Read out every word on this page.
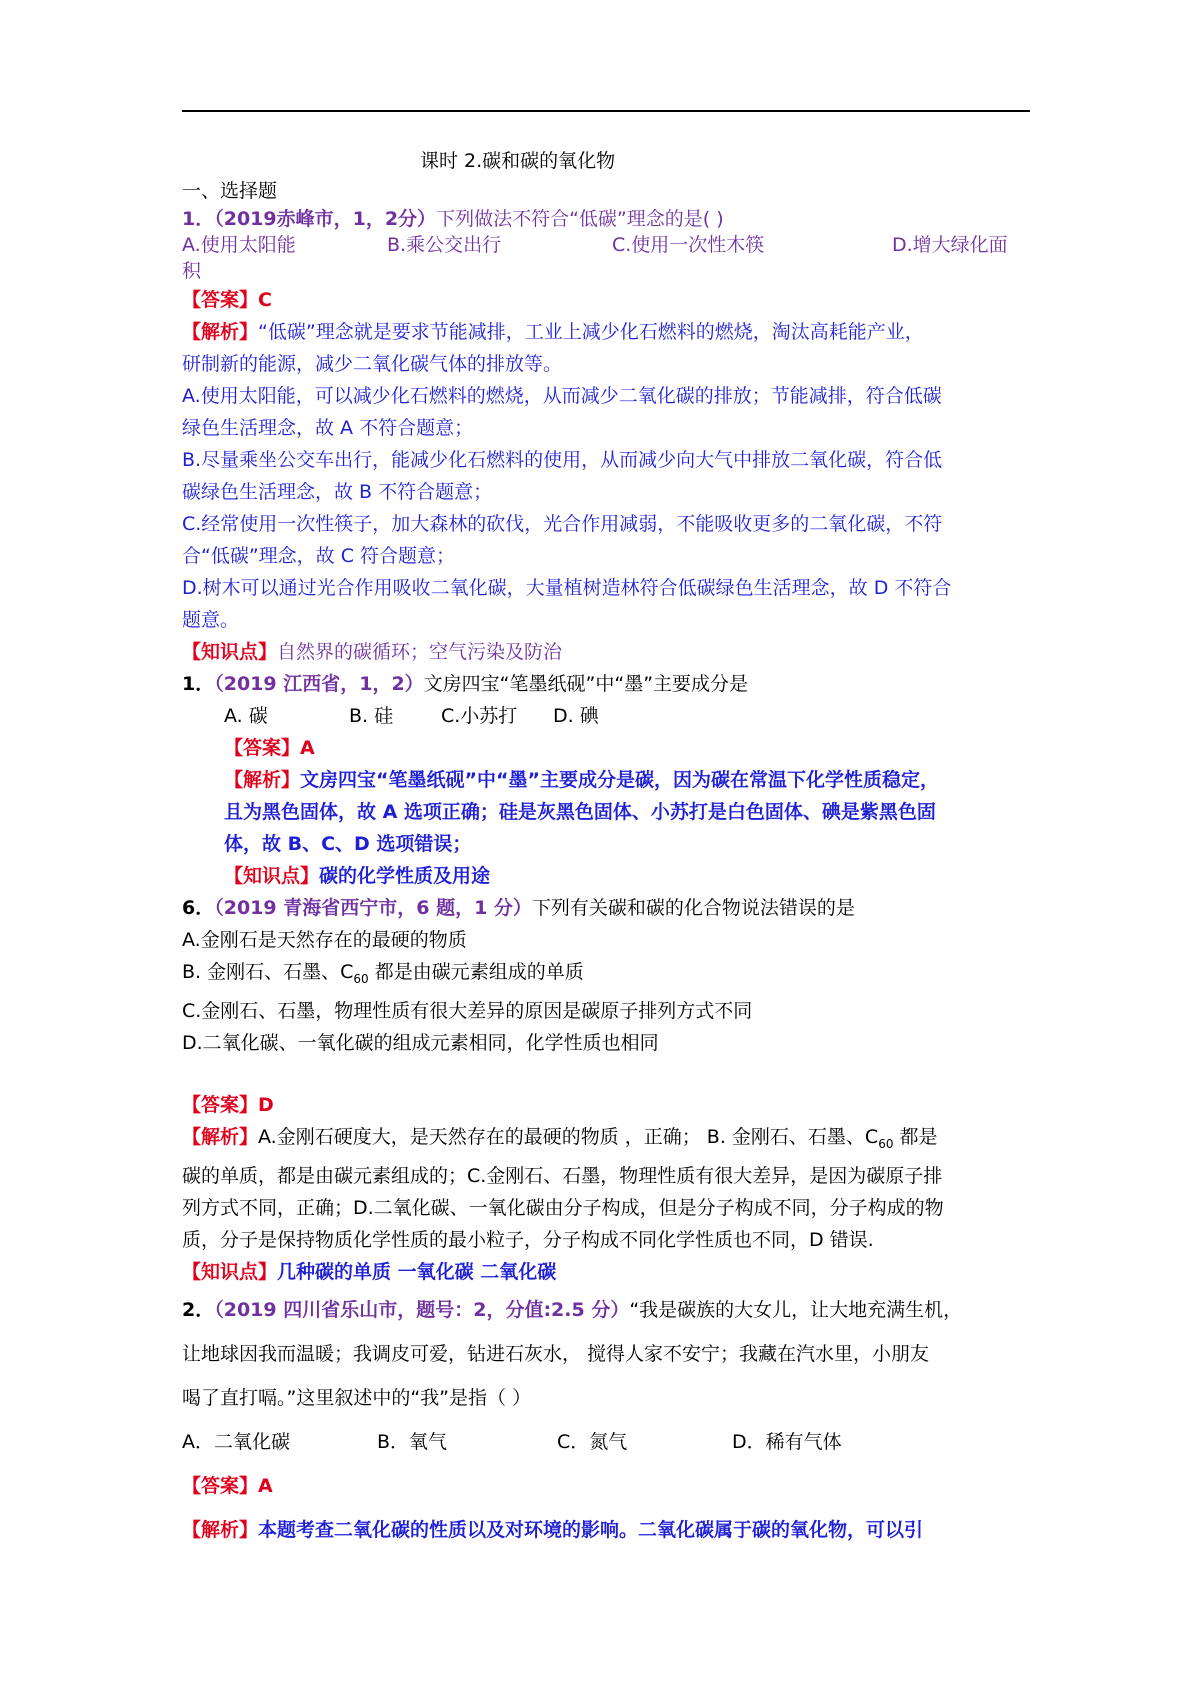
课时 2.碳和碳的氧化物
一、选择题
1．（2019赤峰市，1，2分）下列做法不符合“低碳”理念的是( )
A.使用太阳能	B.乘公交出行	C.使用一次性木筷	D.增大绿化面
积
【答案】C
【解析】“低碳”理念就是要求节能减排，工业上减少化石燃料的燃烧，淘汰高耗能产业，
研制新的能源，减少二氧化碳气体的排放等。
A.使用太阳能，可以减少化石燃料的燃烧，从而减少二氧化碳的排放；节能减排，符合低碳
绿色生活理念，故 A 不符合题意；
B.尽量乘坐公交车出行，能减少化石燃料的使用，从而减少向大气中排放二氧化碳，符合低
碳绿色生活理念，故 B 不符合题意；
C.经常使用一次性筷子，加大森林的砍伐，光合作用减弱，不能吸收更多的二氧化碳，不符
合“低碳”理念，故 C 符合题意；
D.树木可以通过光合作用吸收二氧化碳，大量植树造林符合低碳绿色生活理念，故 D 不符合
题意。
【知识点】自然界的碳循环；空气污染及防治
1．（2019 江西省，1，2）文房四宝“笔墨纸砚”中“墨”主要成分是
A. 碳	B. 硅	C.小苏打 D. 碘
【答案】A
【解析】文房四宝“笔墨纸砚”中“墨”主要成分是碳，因为碳在常温下化学性质稳定，
且为黑色固体，故 A 选项正确；硅是灰黑色固体、小苏打是白色固体、碘是紫黑色固
体，故 B、C、D 选项错误；
【知识点】碳的化学性质及用途
6．（2019 青海省西宁市，6 题，1 分）下列有关碳和碳的化合物说法错误的是
A.金刚石是天然存在的最硬的物质
B. 金刚石、石墨、$C_{60}$ 都是由碳元素组成的单质
C.金刚石、石墨，物理性质有很大差异的原因是碳原子排列方式不同
D.二氧化碳、一氧化碳的组成元素相同，化学性质也相同
【答案】D
【解析】A.金刚石硬度大，是天然存在的最硬的物质 ，正确； B. 金刚石、石墨、$C_{60}$ 都是
碳的单质，都是由碳元素组成的；C.金刚石、石墨，物理性质有很大差异，是因为碳原子排
列方式不同，正确；D.二氧化碳、一氧化碳由分子构成，但是分子构成不同，分子构成的物
质，分子是保持物质化学性质的最小粒子，分子构成不同化学性质也不同，D 错误.
【知识点】几种碳的单质 一氧化碳 二氧化碳
2．（2019 四川省乐山市，题号：2，分值:2.5 分）“我是碳族的大女儿，让大地充满生机，
让地球因我而温暖；我调皮可爱，钻进石灰水， 搅得人家不安宁；我藏在汽水里，小朋友
喝了直打嗝。”这里叙述中的“我”是指（ ）
A．二氧化碳	B．氧气	C．氮气	D．稀有气体
【答案】A
【解析】本题考查二氧化碳的性质以及对环境的影响。二氧化碳属于碳的氧化物，可以引
